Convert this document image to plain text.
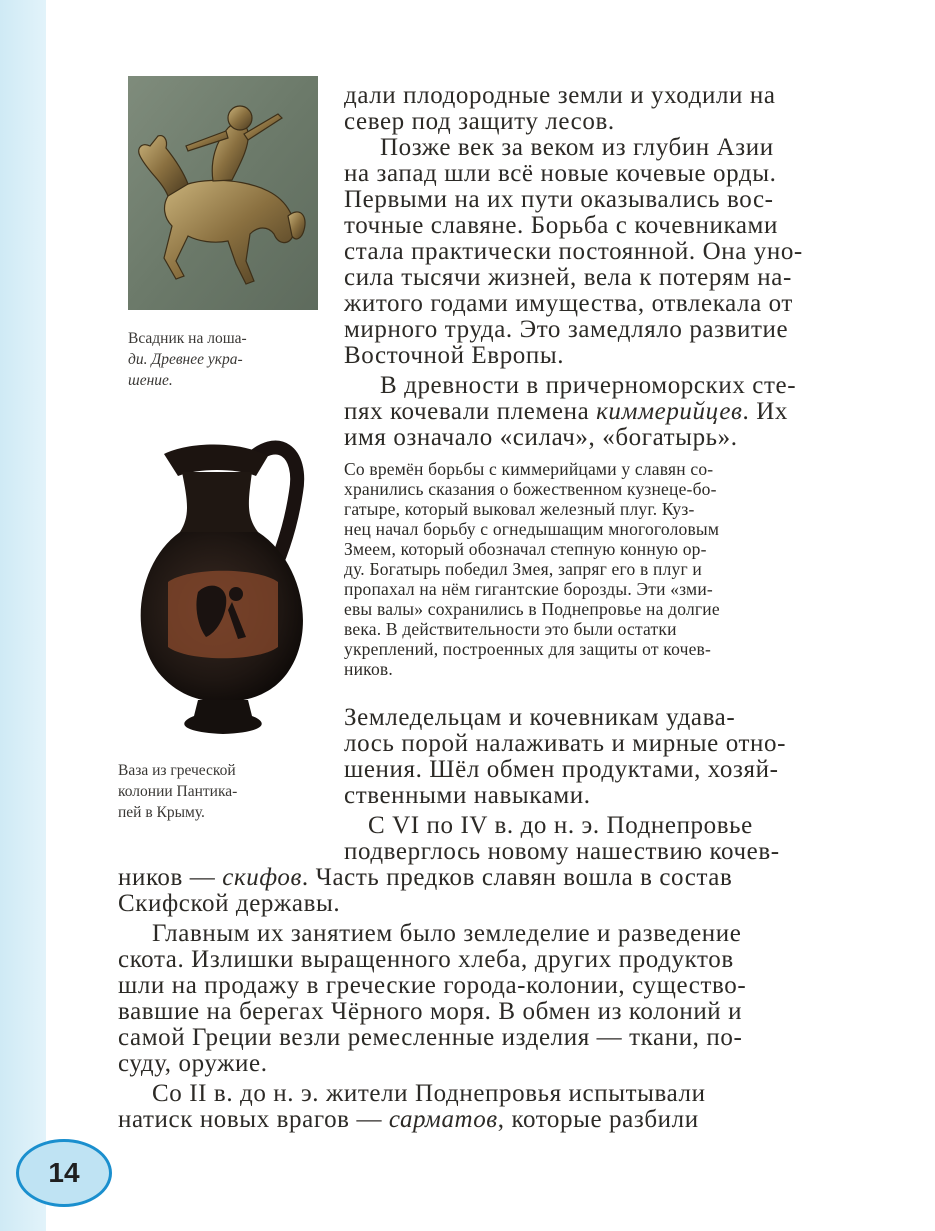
Всадник на лоша-
ди. Древнее укра-
шение.
Ваза из греческой
колонии Пантика-
пей в Крыму.
дали плодородные земли и уходили на
север под защиту лесов.
Позже век за веком из глубин Азии
на запад шли всё новые кочевые орды.
Первыми на их пути оказывались вос-
точные славяне. Борьба с кочевниками
стала практически постоянной. Она уно-
сила тысячи жизней, вела к потерям на-
житого годами имущества, отвлекала от
мирного труда. Это замедляло развитие
Восточной Европы.
В древности в причерноморских сте-
пях кочевали племена киммерийцев. Их
имя означало «силач», «богатырь».
Со времён борьбы с киммерийцами у славян со-
хранились сказания о божественном кузнеце-бо-
гатыре, который выковал железный плуг. Куз-
нец начал борьбу с огнедышащим многоголовым
Змеем, который обозначал степную конную ор-
ду. Богатырь победил Змея, запряг его в плуг и
пропахал на нём гигантские борозды. Эти «зми-
евы валы» сохранились в Поднепровье на долгие
века. В действительности это были остатки
укреплений, построенных для защиты от кочев-
ников.
Земледельцам и кочевникам удава-
лось порой налаживать и мирные отно-
шения. Шёл обмен продуктами, хозяй-
ственными навыками.
С VI по IV в. до н. э. Поднепровье
подверглось новому нашествию кочев-
ников — скифов. Часть предков славян вошла в состав
Скифской державы.
Главным их занятием было земледелие и разведение
скота. Излишки выращенного хлеба, других продуктов
шли на продажу в греческие города-колонии, существо-
вавшие на берегах Чёрного моря. В обмен из колоний и
самой Греции везли ремесленные изделия — ткани, по-
суду, оружие.
Со II в. до н. э. жители Поднепровья испытывали
натиск новых врагов — сарматов, которые разбили
14
